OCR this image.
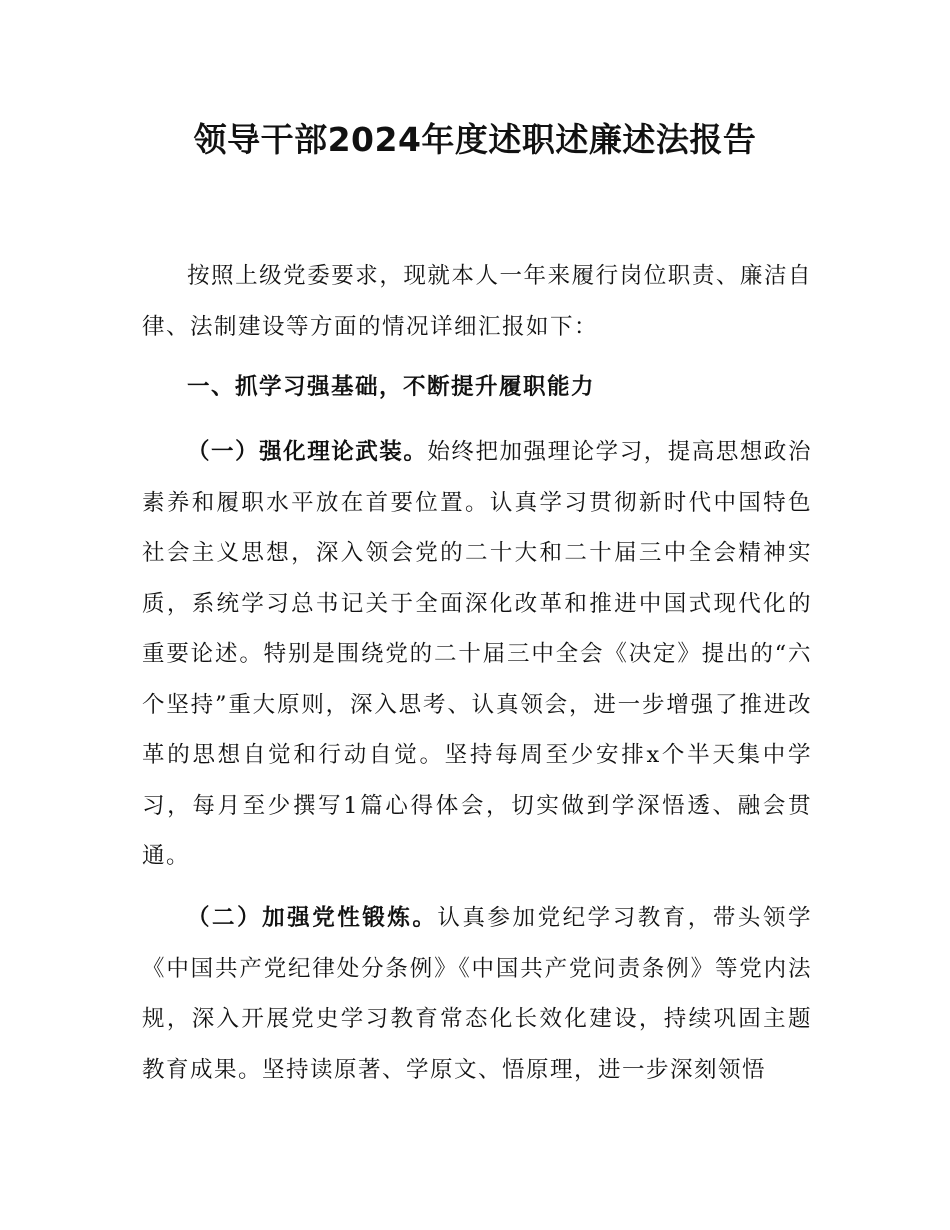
领导干部2024年度述职述廉述法报告

按照上级党委要求，现就本人一年来履行岗位职责、廉洁自律、法制建设等方面的情况详细汇报如下：

一、抓学习强基础，不断提升履职能力

（一）强化理论武装。始终把加强理论学习，提高思想政治素养和履职水平放在首要位置。认真学习贯彻新时代中国特色社会主义思想，深入领会党的二十大和二十届三中全会精神实质，系统学习总书记关于全面深化改革和推进中国式现代化的重要论述。特别是围绕党的二十届三中全会《决定》提出的“六个坚持”重大原则，深入思考、认真领会，进一步增强了推进改革的思想自觉和行动自觉。坚持每周至少安排x个半天集中学习，每月至少撰写1篇心得体会，切实做到学深悟透、融会贯通。

（二）加强党性锻炼。认真参加党纪学习教育，带头领学《中国共产党纪律处分条例》《中国共产党问责条例》等党内法规，深入开展党史学习教育常态化长效化建设，持续巩固主题教育成果。坚持读原著、学原文、悟原理，进一步深刻领悟
